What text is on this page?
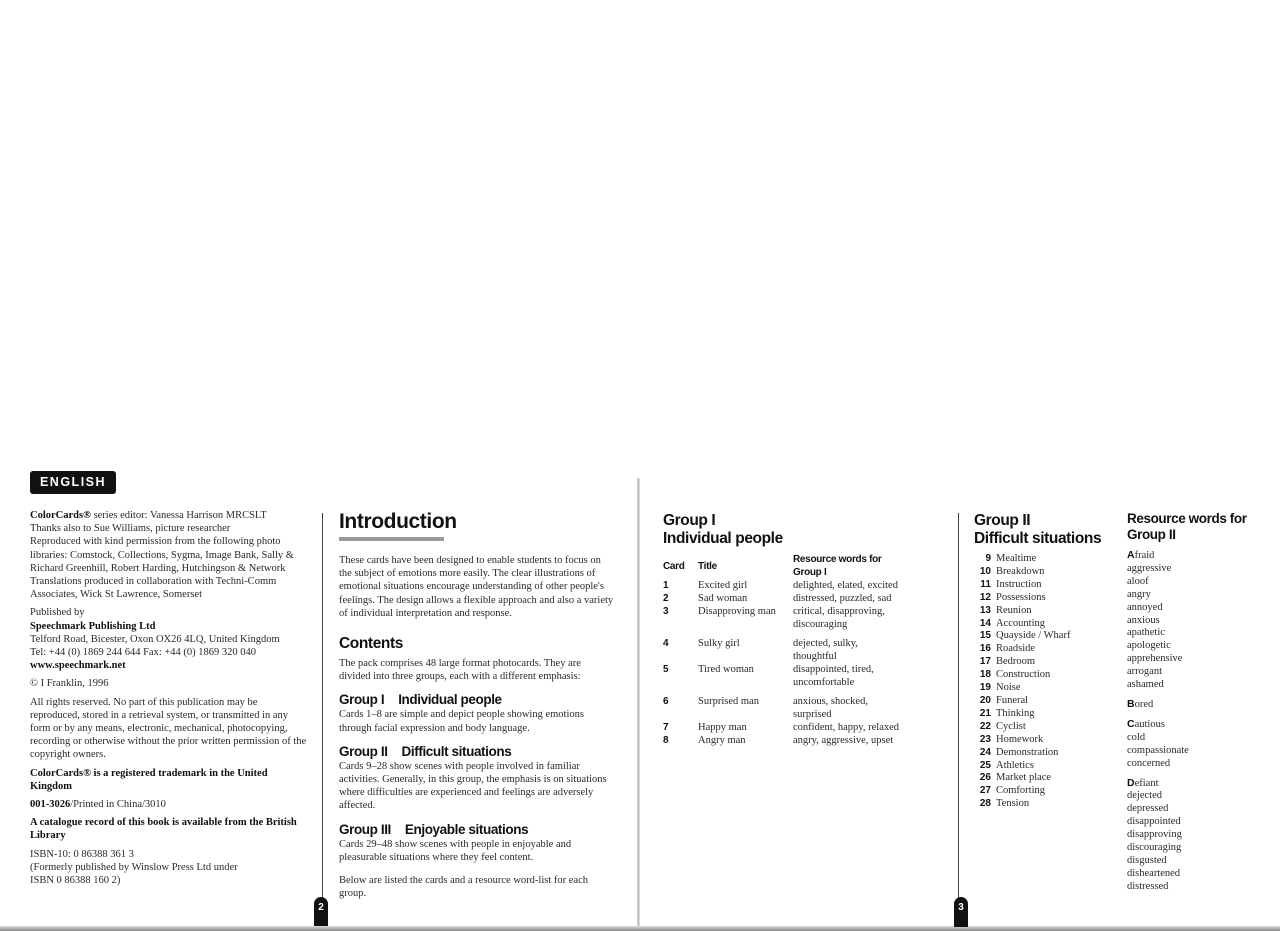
ENGLISH

ColorCards® series editor: Vanessa Harrison MRCSLT

Thanks also to Sue Williams, picture researcher

Reproduced with kind permission from the following photo libraries: Comstock, Collections, Sygma, Image Bank, Sally & Richard Greenhill, Robert Harding, Hutchingson & Network

Translations produced in collaboration with Techni-Comm Associates, Wick St Lawrence, Somerset

Published by

Speechmark Publishing Ltd

Telford Road, Bicester, Oxon OX26 4LQ, United Kingdom

Tel: +44 (0) 1869 244 644 Fax: +44 (0) 1869 320 040

www.speechmark.net

© I Franklin, 1996

All rights reserved. No part of this publication may be reproduced, stored in a retrieval system, or transmitted in any form or by any means, electronic, mechanical, photocopying, recording or otherwise without the prior written permission of the copyright owners.

ColorCards® is a registered trademark in the United Kingdom

001-3026/Printed in China/3010

A catalogue record of this book is available from the British Library

ISBN-10: 0 86388 361 3

(Formerly published by Winslow Press Ltd under

ISBN 0 86388 160 2)

Introduction

These cards have been designed to enable students to focus on the subject of emotions more easily. The clear illustrations of emotional situations encourage understanding of other people's feelings. The design allows a flexible approach and also a variety of individual interpretation and response.

Contents

The pack comprises 48 large format photocards. They are divided into three groups, each with a different emphasis:

Group I Individual people

Cards 1–8 are simple and depict people showing emotions through facial expression and body language.

Group II Difficult situations

Cards 9–28 show scenes with people involved in familiar activities. Generally, in this group, the emphasis is on situations where difficulties are experienced and feelings are adversely affected.

Group III Enjoyable situations

Cards 29–48 show scenes with people in enjoyable and pleasurable situations where they feel content.

Below are listed the cards and a resource word-list for each group.

2
Group I
Individual people
Card	Title	Resource words for Group I
1	Excited girl	delighted, elated, excited
2	Sad woman	distressed, puzzled, sad
3	Disapproving man	critical, disapproving, discouraging

4	Sulky girl	dejected, sulky, thoughtful
5	Tired woman	disappointed, tired, uncomfortable

6	Surprised man	anxious, shocked, surprised
7	Happy man	confident, happy, relaxed
8	Angry man	angry, aggressive, upset
Group II
Difficult situations
9 Mealtime
10 Breakdown
11 Instruction
12 Possessions
13 Reunion
14 Accounting
15 Quayside / Wharf
16 Roadside
17 Bedroom
18 Construction
19 Noise
20 Funeral
21 Thinking
22 Cyclist
23 Homework
24 Demonstration
25 Athletics
26 Market place
27 Comforting
28 Tension
Resource words for
Group II
Afraid
aggressive
aloof
angry
annoyed
anxious
apathetic
apologetic
apprehensive
arrogant
ashamed
Bored
Cautious
cold
compassionate
concerned
Defiant
dejected
depressed
disappointed
disapproving
discouraging
disgusted
disheartened
distressed
3
